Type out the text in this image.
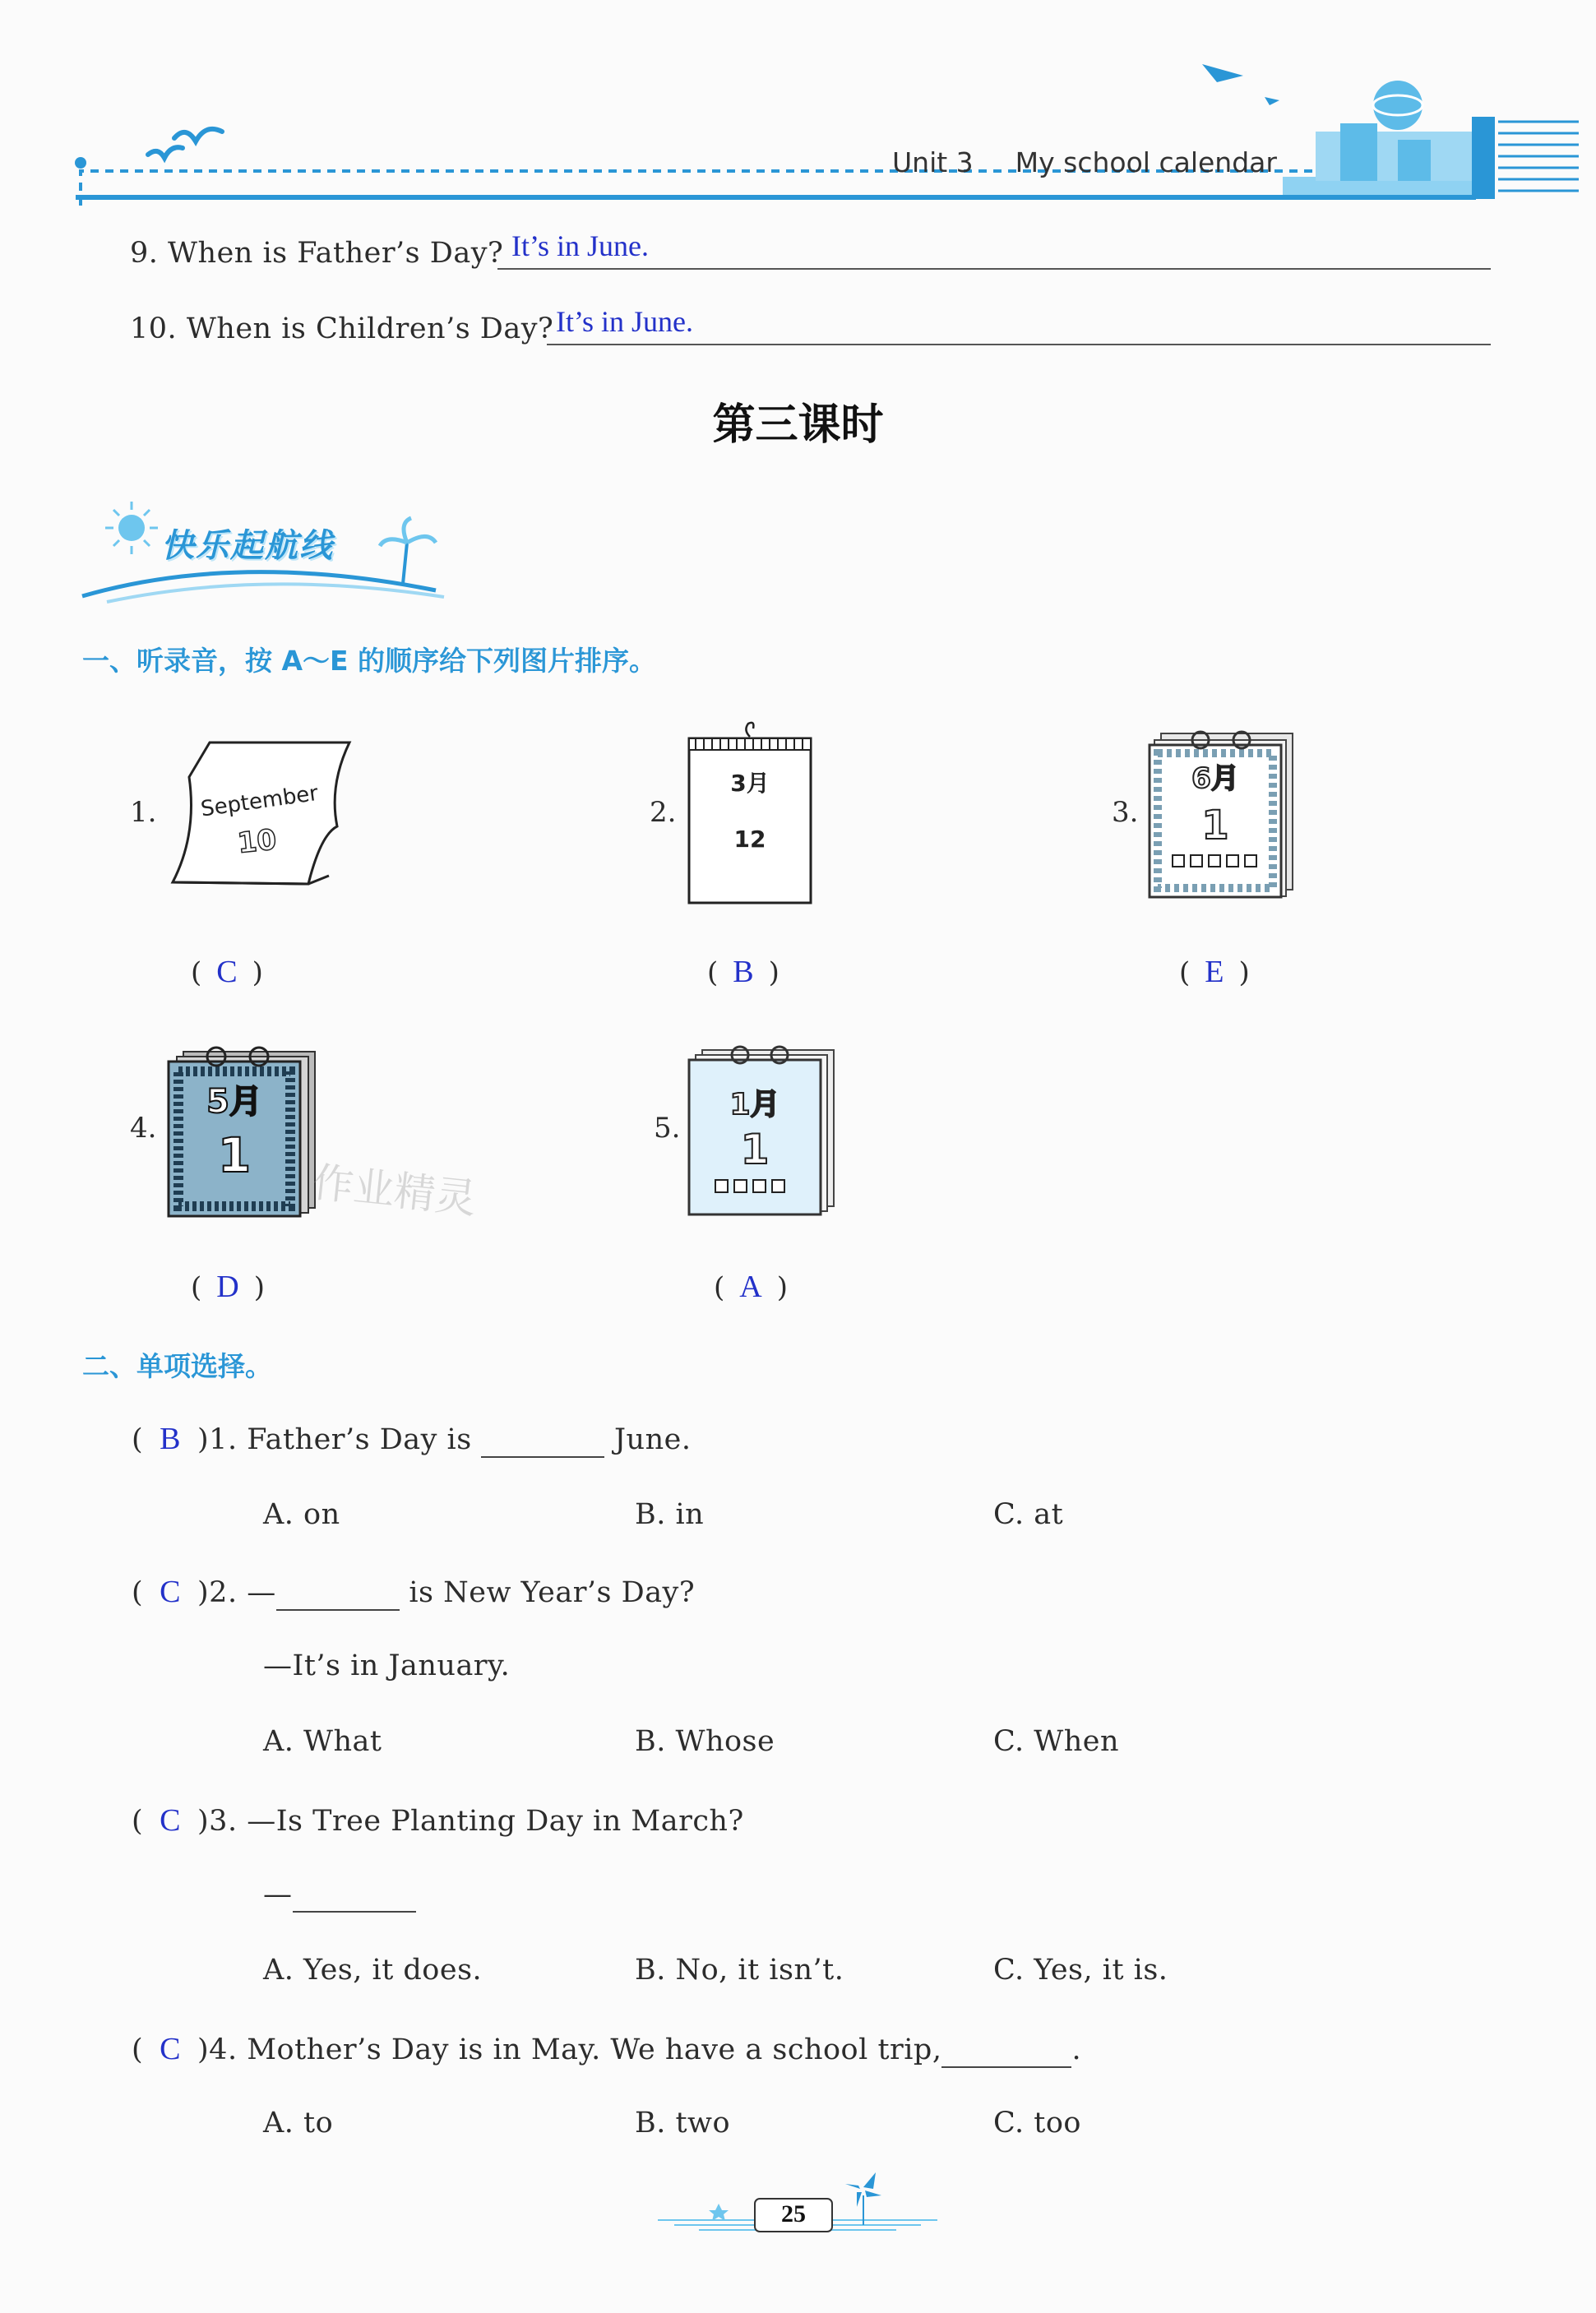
Unit 3 My school calendar
9. When is Father’s Day? It’s in June.
10. When is Children’s Day? It’s in June.
第三课时
快乐起航线
一、听录音，按 A～E 的顺序给下列图片排序。
1. September
10
( C )
2.
3月
12
( B )
3.
6月
1
( E )
4.
5月
1
( D )
作业精灵
5.
1月
1
( A )
二、单项选择。
( B )1. Father’s Day is	June.
A. on	B. in	C. at
( C )2. —	is New Year’s Day?
—It’s in January.
A. What	B. Whose	C. When
( C )3. —Is Tree Planting Day in March?
—
A. Yes, it does.	B. No, it isn’t.	C. Yes, it is.
( C )4. Mother’s Day is in May. We have a school trip,	.
A. to	B. two	C. too
25
